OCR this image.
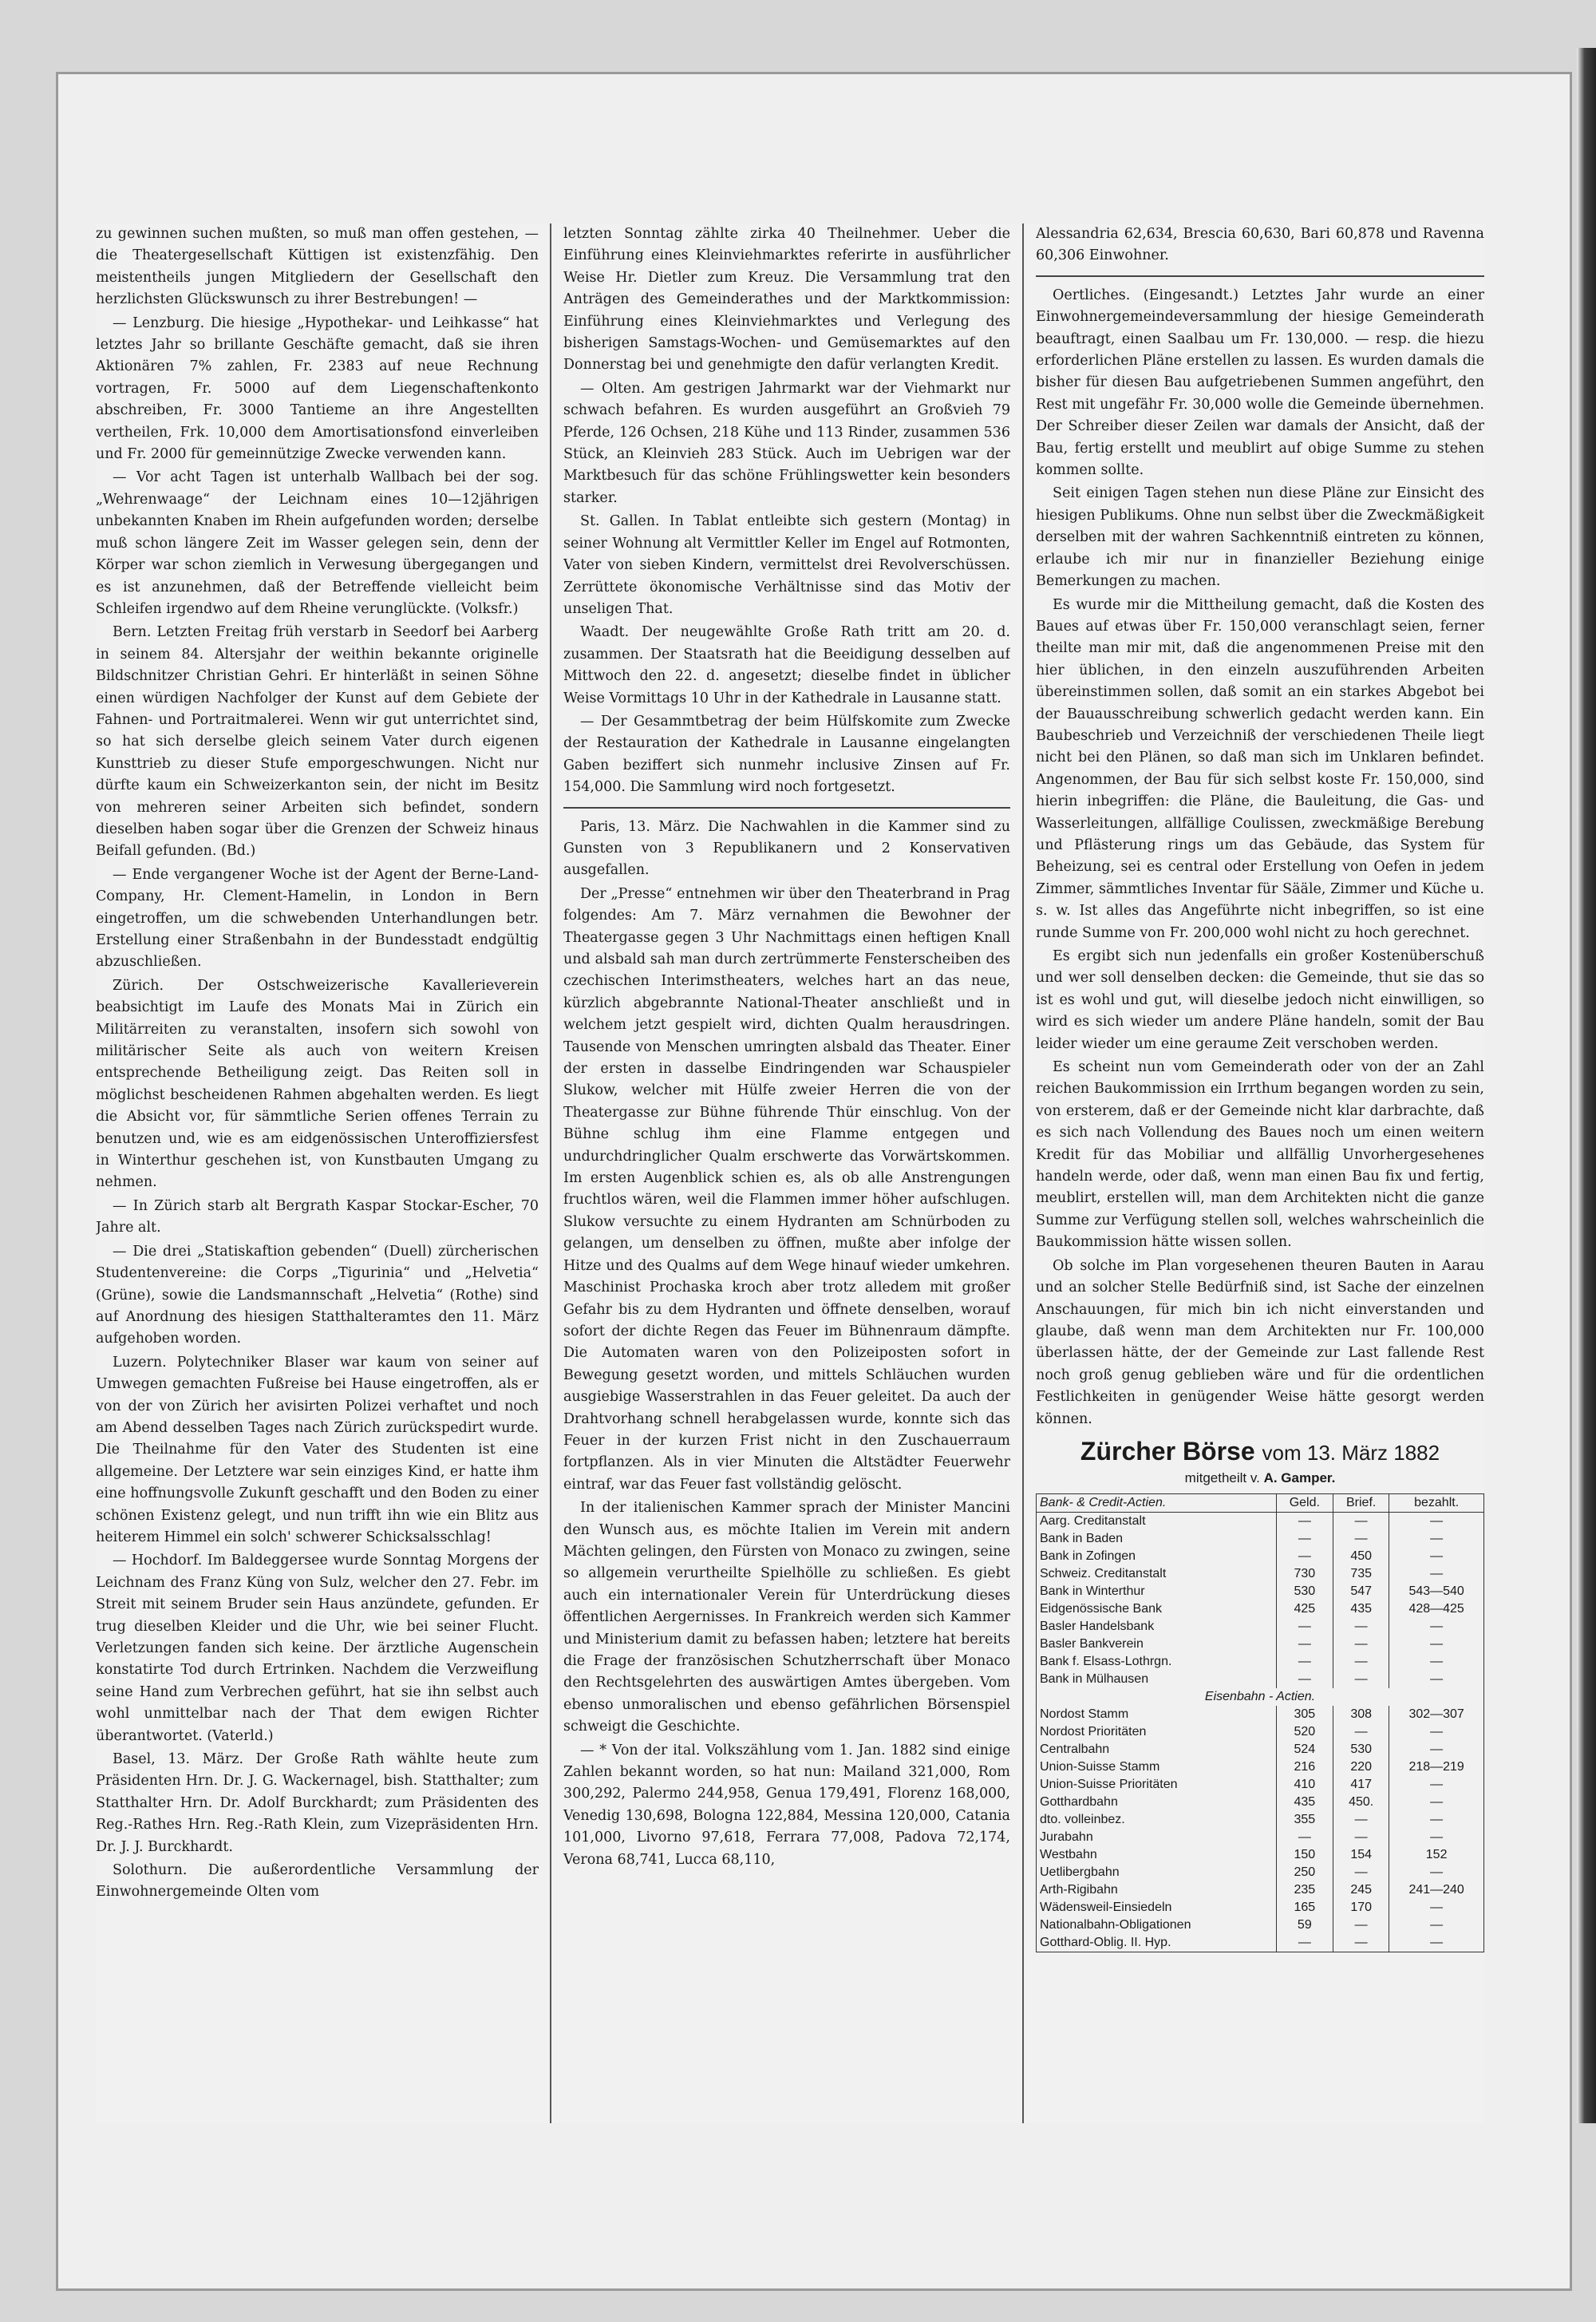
zu gewinnen suchen mußten, so muß man offen gestehen, — die Theatergesellschaft Küttigen ist existenzfähig. Den meistentheils jungen Mitgliedern der Gesellschaft den herzlichsten Glückswunsch zu ihrer Bestrebungen! —

— Lenzburg. Die hiesige „Hypothekar- und Leihkasse“ hat letztes Jahr so brillante Geschäfte gemacht, daß sie ihren Aktionären 7% zahlen, Fr. 2383 auf neue Rechnung vortragen, Fr. 5000 auf dem Liegenschaftenkonto abschreiben, Fr. 3000 Tantieme an ihre Angestellten vertheilen, Frk. 10,000 dem Amortisationsfond einverleiben und Fr. 2000 für gemeinnützige Zwecke verwenden kann.

— Vor acht Tagen ist unterhalb Wallbach bei der sog. „Wehrenwaage“ der Leichnam eines 10—12jährigen unbekannten Knaben im Rhein aufgefunden worden; derselbe muß schon längere Zeit im Wasser gelegen sein, denn der Körper war schon ziemlich in Verwesung übergegangen und es ist anzunehmen, daß der Betreffende vielleicht beim Schleifen irgendwo auf dem Rheine verunglückte. (Volksfr.)

Bern. Letzten Freitag früh verstarb in Seedorf bei Aarberg in seinem 84. Altersjahr der weithin bekannte originelle Bildschnitzer Christian Gehri. Er hinterläßt in seinen Söhne einen würdigen Nachfolger der Kunst auf dem Gebiete der Fahnen- und Portraitmalerei. Wenn wir gut unterrichtet sind, so hat sich derselbe gleich seinem Vater durch eigenen Kunsttrieb zu dieser Stufe emporgeschwungen. Nicht nur dürfte kaum ein Schweizerkanton sein, der nicht im Besitz von mehreren seiner Arbeiten sich befindet, sondern dieselben haben sogar über die Grenzen der Schweiz hinaus Beifall gefunden. (Bd.)

— Ende vergangener Woche ist der Agent der Berne-Land-Company, Hr. Clement-Hamelin, in London in Bern eingetroffen, um die schwebenden Unterhandlungen betr. Erstellung einer Straßenbahn in der Bundesstadt endgültig abzuschließen.

Zürich. Der Ostschweizerische Kavallerieverein beabsichtigt im Laufe des Monats Mai in Zürich ein Militärreiten zu veranstalten, insofern sich sowohl von militärischer Seite als auch von weitern Kreisen entsprechende Betheiligung zeigt. Das Reiten soll in möglichst bescheidenen Rahmen abgehalten werden. Es liegt die Absicht vor, für sämmtliche Serien offenes Terrain zu benutzen und, wie es am eidgenössischen Unteroffiziersfest in Winterthur geschehen ist, von Kunstbauten Umgang zu nehmen.

— In Zürich starb alt Bergrath Kaspar Stockar-Escher, 70 Jahre alt.

— Die drei „Statiskaftion gebenden“ (Duell) zürcherischen Studentenvereine: die Corps „Tigurinia“ und „Helvetia“ (Grüne), sowie die Landsmannschaft „Helvetia“ (Rothe) sind auf Anordnung des hiesigen Statthalteramtes den 11. März aufgehoben worden.

Luzern. Polytechniker Blaser war kaum von seiner auf Umwegen gemachten Fußreise bei Hause eingetroffen, als er von der von Zürich her avisirten Polizei verhaftet und noch am Abend desselben Tages nach Zürich zurückspedirt wurde. Die Theilnahme für den Vater des Studenten ist eine allgemeine. Der Letztere war sein einziges Kind, er hatte ihm eine hoffnungsvolle Zukunft geschafft und den Boden zu einer schönen Existenz gelegt, und nun trifft ihn wie ein Blitz aus heiterem Himmel ein solch' schwerer Schicksalsschlag!

— Hochdorf. Im Baldeggersee wurde Sonntag Morgens der Leichnam des Franz Küng von Sulz, welcher den 27. Febr. im Streit mit seinem Bruder sein Haus anzündete, gefunden. Er trug dieselben Kleider und die Uhr, wie bei seiner Flucht. Verletzungen fanden sich keine. Der ärztliche Augenschein konstatirte Tod durch Ertrinken. Nachdem die Verzweiflung seine Hand zum Verbrechen geführt, hat sie ihn selbst auch wohl unmittelbar nach der That dem ewigen Richter überantwortet. (Vaterld.)

Basel, 13. März. Der Große Rath wählte heute zum Präsidenten Hrn. Dr. J. G. Wackernagel, bish. Statthalter; zum Statthalter Hrn. Dr. Adolf Burckhardt; zum Präsidenten des Reg.-Rathes Hrn. Reg.-Rath Klein, zum Vizepräsidenten Hrn. Dr. J. J. Burckhardt.

Solothurn. Die außerordentliche Versammlung der Einwohnergemeinde Olten vom

letzten Sonntag zählte zirka 40 Theilnehmer. Ueber die Einführung eines Kleinviehmarktes referirte in ausführlicher Weise Hr. Dietler zum Kreuz. Die Versammlung trat den Anträgen des Gemeinderathes und der Marktkommission: Einführung eines Kleinviehmarktes und Verlegung des bisherigen Samstags-Wochen- und Gemüsemarktes auf den Donnerstag bei und genehmigte den dafür verlangten Kredit.

— Olten. Am gestrigen Jahrmarkt war der Viehmarkt nur schwach befahren. Es wurden ausgeführt an Großvieh 79 Pferde, 126 Ochsen, 218 Kühe und 113 Rinder, zusammen 536 Stück, an Kleinvieh 283 Stück. Auch im Uebrigen war der Marktbesuch für das schöne Frühlingswetter kein besonders starker.

St. Gallen. In Tablat entleibte sich gestern (Montag) in seiner Wohnung alt Vermittler Keller im Engel auf Rotmonten, Vater von sieben Kindern, vermittelst drei Revolverschüssen. Zerrüttete ökonomische Verhältnisse sind das Motiv der unseligen That.

Waadt. Der neugewählte Große Rath tritt am 20. d. zusammen. Der Staatsrath hat die Beeidigung desselben auf Mittwoch den 22. d. angesetzt; dieselbe findet in üblicher Weise Vormittags 10 Uhr in der Kathedrale in Lausanne statt.

— Der Gesammtbetrag der beim Hülfskomite zum Zwecke der Restauration der Kathedrale in Lausanne eingelangten Gaben beziffert sich nunmehr inclusive Zinsen auf Fr. 154,000. Die Sammlung wird noch fortgesetzt.

Paris, 13. März. Die Nachwahlen in die Kammer sind zu Gunsten von 3 Republikanern und 2 Konservativen ausgefallen.

Der „Presse“ entnehmen wir über den Theaterbrand in Prag folgendes: Am 7. März vernahmen die Bewohner der Theatergasse gegen 3 Uhr Nachmittags einen heftigen Knall und alsbald sah man durch zertrümmerte Fensterscheiben des czechischen Interimstheaters, welches hart an das neue, kürzlich abgebrannte National-Theater anschließt und in welchem jetzt gespielt wird, dichten Qualm herausdringen. Tausende von Menschen umringten alsbald das Theater. Einer der ersten in dasselbe Eindringenden war Schauspieler Slukow, welcher mit Hülfe zweier Herren die von der Theatergasse zur Bühne führende Thür einschlug. Von der Bühne schlug ihm eine Flamme entgegen und undurchdringlicher Qualm erschwerte das Vorwärtskommen. Im ersten Augenblick schien es, als ob alle Anstrengungen fruchtlos wären, weil die Flammen immer höher aufschlugen. Slukow versuchte zu einem Hydranten am Schnürboden zu gelangen, um denselben zu öffnen, mußte aber infolge der Hitze und des Qualms auf dem Wege hinauf wieder umkehren. Maschinist Prochaska kroch aber trotz alledem mit großer Gefahr bis zu dem Hydranten und öffnete denselben, worauf sofort der dichte Regen das Feuer im Bühnenraum dämpfte. Die Automaten waren von den Polizeiposten sofort in Bewegung gesetzt worden, und mittels Schläuchen wurden ausgiebige Wasserstrahlen in das Feuer geleitet. Da auch der Drahtvorhang schnell herabgelassen wurde, konnte sich das Feuer in der kurzen Frist nicht in den Zuschauerraum fortpflanzen. Als in vier Minuten die Altstädter Feuerwehr eintraf, war das Feuer fast vollständig gelöscht.

In der italienischen Kammer sprach der Minister Mancini den Wunsch aus, es möchte Italien im Verein mit andern Mächten gelingen, den Fürsten von Monaco zu zwingen, seine so allgemein verurtheilte Spielhölle zu schließen. Es giebt auch ein internationaler Verein für Unterdrückung dieses öffentlichen Aergernisses. In Frankreich werden sich Kammer und Ministerium damit zu befassen haben; letztere hat bereits die Frage der französischen Schutzherrschaft über Monaco den Rechtsgelehrten des auswärtigen Amtes übergeben. Vom ebenso unmoralischen und ebenso gefährlichen Börsenspiel schweigt die Geschichte.

— * Von der ital. Volkszählung vom 1. Jan. 1882 sind einige Zahlen bekannt worden, so hat nun: Mailand 321,000, Rom 300,292, Palermo 244,958, Genua 179,491, Florenz 168,000, Venedig 130,698, Bologna 122,884, Messina 120,000, Catania 101,000, Livorno 97,618, Ferrara 77,008, Padova 72,174, Verona 68,741, Lucca 68,110,

Alessandria 62,634, Brescia 60,630, Bari 60,878 und Ravenna 60,306 Einwohner.

Oertliches. (Eingesandt.) Letztes Jahr wurde an einer Einwohnergemeindeversammlung der hiesige Gemeinderath beauftragt, einen Saalbau um Fr. 130,000. — resp. die hiezu erforderlichen Pläne erstellen zu lassen. Es wurden damals die bisher für diesen Bau aufgetriebenen Summen angeführt, den Rest mit ungefähr Fr. 30,000 wolle die Gemeinde übernehmen. Der Schreiber dieser Zeilen war damals der Ansicht, daß der Bau, fertig erstellt und meublirt auf obige Summe zu stehen kommen sollte.

Seit einigen Tagen stehen nun diese Pläne zur Einsicht des hiesigen Publikums. Ohne nun selbst über die Zweckmäßigkeit derselben mit der wahren Sachkenntniß eintreten zu können, erlaube ich mir nur in finanzieller Beziehung einige Bemerkungen zu machen.

Es wurde mir die Mittheilung gemacht, daß die Kosten des Baues auf etwas über Fr. 150,000 veranschlagt seien, ferner theilte man mir mit, daß die angenommenen Preise mit den hier üblichen, in den einzeln auszuführenden Arbeiten übereinstimmen sollen, daß somit an ein starkes Abgebot bei der Bauausschreibung schwerlich gedacht werden kann. Ein Baubeschrieb und Verzeichniß der verschiedenen Theile liegt nicht bei den Plänen, so daß man sich im Unklaren befindet. Angenommen, der Bau für sich selbst koste Fr. 150,000, sind hierin inbegriffen: die Pläne, die Bauleitung, die Gas- und Wasserleitungen, allfällige Coulissen, zweckmäßige Berebung und Pflästerung rings um das Gebäude, das System für Beheizung, sei es central oder Erstellung von Oefen in jedem Zimmer, sämmtliches Inventar für Sääle, Zimmer und Küche u. s. w. Ist alles das Angeführte nicht inbegriffen, so ist eine runde Summe von Fr. 200,000 wohl nicht zu hoch gerechnet.

Es ergibt sich nun jedenfalls ein großer Kostenüberschuß und wer soll denselben decken: die Gemeinde, thut sie das so ist es wohl und gut, will dieselbe jedoch nicht einwilligen, so wird es sich wieder um andere Pläne handeln, somit der Bau leider wieder um eine geraume Zeit verschoben werden.

Es scheint nun vom Gemeinderath oder von der an Zahl reichen Baukommission ein Irrthum begangen worden zu sein, von ersterem, daß er der Gemeinde nicht klar darbrachte, daß es sich nach Vollendung des Baues noch um einen weitern Kredit für das Mobiliar und allfällig Unvorhergesehenes handeln werde, oder daß, wenn man einen Bau fix und fertig, meublirt, erstellen will, man dem Architekten nicht die ganze Summe zur Verfügung stellen soll, welches wahrscheinlich die Baukommission hätte wissen sollen.

Ob solche im Plan vorgesehenen theuren Bauten in Aarau und an solcher Stelle Bedürfniß sind, ist Sache der einzelnen Anschauungen, für mich bin ich nicht einverstanden und glaube, daß wenn man dem Architekten nur Fr. 100,000 überlassen hätte, der der Gemeinde zur Last fallende Rest noch groß genug geblieben wäre und für die ordentlichen Festlichkeiten in genügender Weise hätte gesorgt werden können.

Zürcher Börse vom 13. März 1882
mitgetheilt v. A. Gamper.
Bank- & Credit-Actien.	Geld.	Brief.	bezahlt.
Aarg. Creditanstalt	—	—	—
Bank in Baden	—	—	—
Bank in Zofingen	—	450	—
Schweiz. Creditanstalt	730	735	—
Bank in Winterthur	530	547	543—540
Eidgenössische Bank	425	435	428—425
Basler Handelsbank	—	—	—
Basler Bankverein	—	—	—
Bank f. Elsass-Lothrgn.	—	—	—
Bank in Mülhausen	—	—	—
Eisenbahn - Actien.			
Nordost Stamm	305	308	302—307
Nordost Prioritäten	520	—	—
Centralbahn	524	530	—
Union-Suisse Stamm	216	220	218—219
Union-Suisse Prioritäten	410	417	—
Gotthardbahn	435	450.	—
dto. volleinbez.	355	—	—
Jurabahn	—	—	—
Westbahn	150	154	152
Uetlibergbahn	250	—	—
Arth-Rigibahn	235	245	241—240
Wädensweil-Einsiedeln	165	170	—
Nationalbahn-Obligationen	59	—	—
Gotthard-Oblig. II. Hyp.	—	—	—
